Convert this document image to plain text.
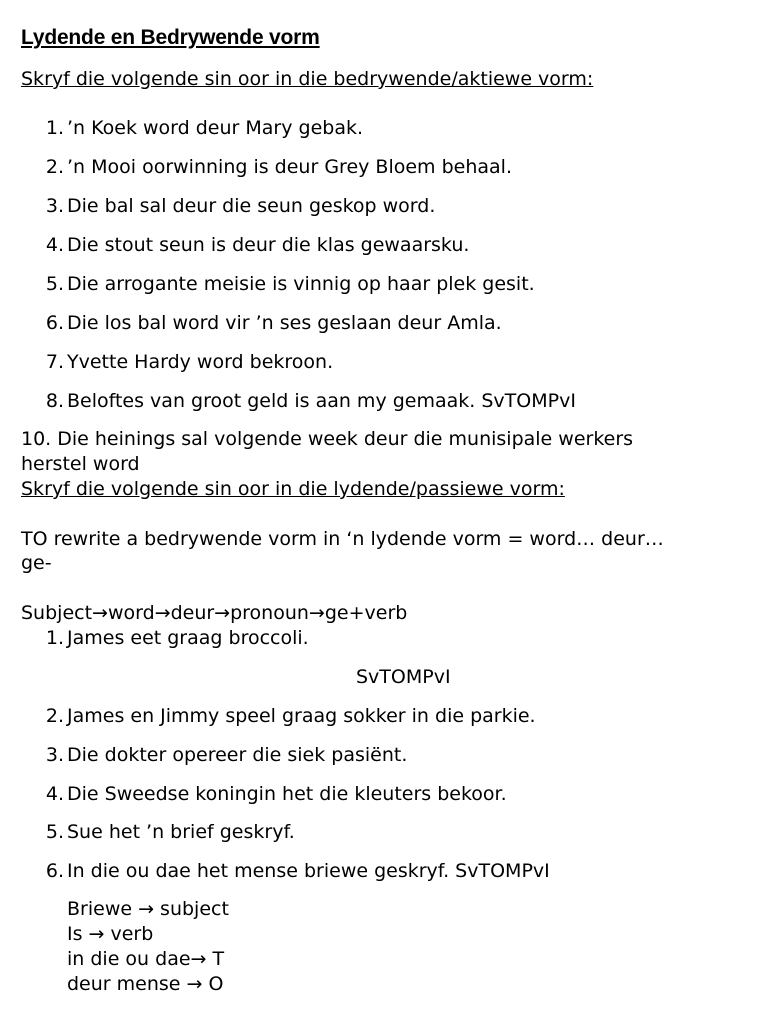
Lydende en Bedrywende vorm
Skryf die volgende sin oor in die bedrywende/aktiewe vorm:
1. ’n Koek word deur Mary gebak.
2. ’n Mooi oorwinning is deur Grey Bloem behaal.
3. Die bal sal deur die seun geskop word.
4. Die stout seun is deur die klas gewaarsku.
5. Die arrogante meisie is vinnig op haar plek gesit.
6. Die los bal word vir ’n ses geslaan deur Amla.
7. Yvette Hardy word bekroon.
8. Beloftes van groot geld is aan my gemaak. SvTOMPvI
10. Die heinings sal volgende week deur die munisipale werkers
herstel word
Skryf die volgende sin oor in die lydende/passiewe vorm:
TO rewrite a bedrywende vorm in ‘n lydende vorm = word… deur…
ge-
Subject→word→deur→pronoun→ge+verb
1. James eet graag broccoli.
SvTOMPvI
2. James en Jimmy speel graag sokker in die parkie.
3. Die dokter opereer die siek pasiënt.
4. Die Sweedse koningin het die kleuters bekoor.
5. Sue het ’n brief geskryf.
6. In die ou dae het mense briewe geskryf. SvTOMPvI
Briewe → subject
Is → verb
in die ou dae→ T
deur mense → O
